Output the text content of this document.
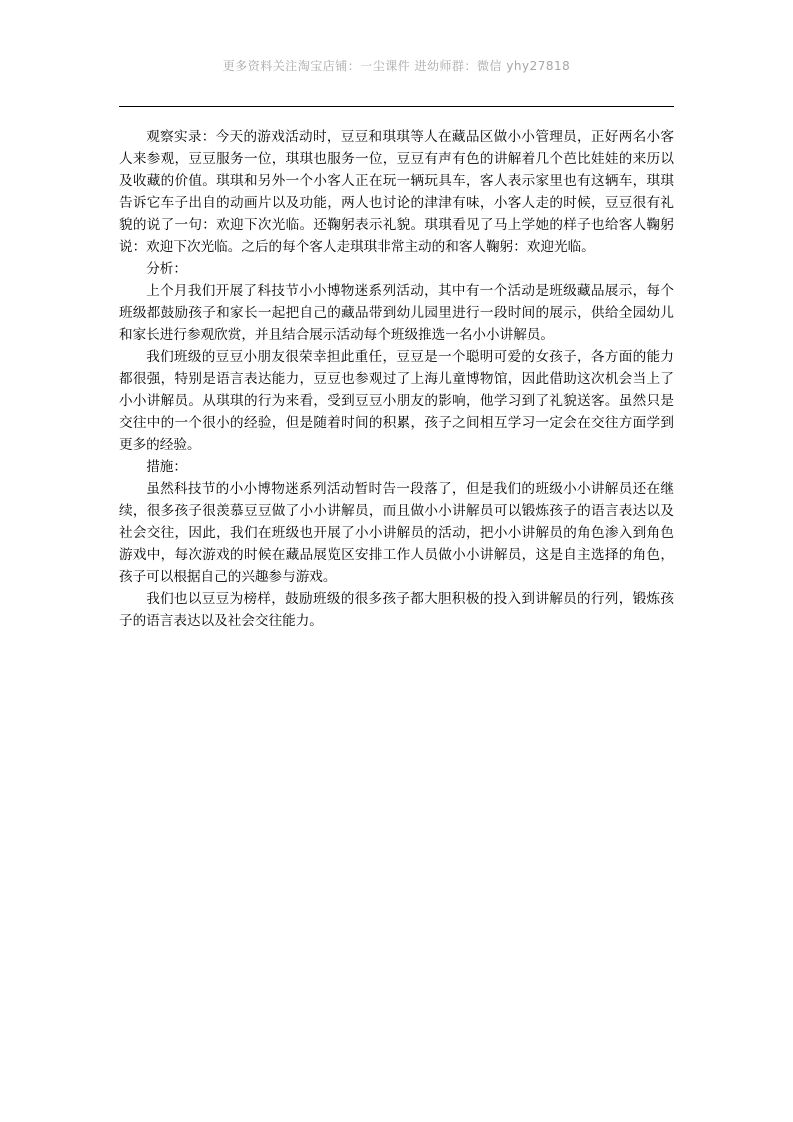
更多资料关注淘宝店铺：一尘课件 进幼师群：微信 yhy27818

观察实录：今天的游戏活动时，豆豆和琪琪等人在藏品区做小小管理员，正好两名小客人来参观，豆豆服务一位，琪琪也服务一位，豆豆有声有色的讲解着几个芭比娃娃的来历以及收藏的价值。琪琪和另外一个小客人正在玩一辆玩具车，客人表示家里也有这辆车，琪琪告诉它车子出自的动画片以及功能，两人也讨论的津津有味，小客人走的时候，豆豆很有礼貌的说了一句：欢迎下次光临。还鞠躬表示礼貌。琪琪看见了马上学她的样子也给客人鞠躬说：欢迎下次光临。之后的每个客人走琪琪非常主动的和客人鞠躬：欢迎光临。

分析：

上个月我们开展了科技节小小博物迷系列活动，其中有一个活动是班级藏品展示，每个班级都鼓励孩子和家长一起把自己的藏品带到幼儿园里进行一段时间的展示，供给全园幼儿和家长进行参观欣赏，并且结合展示活动每个班级推选一名小小讲解员。

我们班级的豆豆小朋友很荣幸担此重任，豆豆是一个聪明可爱的女孩子，各方面的能力都很强，特别是语言表达能力，豆豆也参观过了上海儿童博物馆，因此借助这次机会当上了小小讲解员。从琪琪的行为来看，受到豆豆小朋友的影响，他学习到了礼貌送客。虽然只是交往中的一个很小的经验，但是随着时间的积累，孩子之间相互学习一定会在交往方面学到更多的经验。

措施：

虽然科技节的小小博物迷系列活动暂时告一段落了，但是我们的班级小小讲解员还在继续，很多孩子很羡慕豆豆做了小小讲解员，而且做小小讲解员可以锻炼孩子的语言表达以及社会交往，因此，我们在班级也开展了小小讲解员的活动，把小小讲解员的角色渗入到角色游戏中，每次游戏的时候在藏品展览区安排工作人员做小小讲解员，这是自主选择的角色，孩子可以根据自己的兴趣参与游戏。

我们也以豆豆为榜样，鼓励班级的很多孩子都大胆积极的投入到讲解员的行列，锻炼孩子的语言表达以及社会交往能力。
